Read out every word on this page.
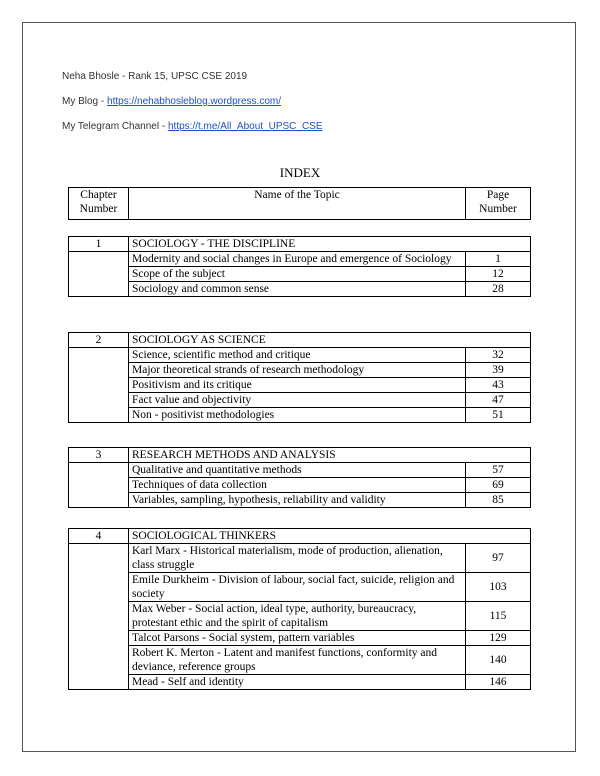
Neha Bhosle - Rank 15, UPSC CSE 2019
My Blog - https://nehabhosleblog.wordpress.com/
My Telegram Channel - https://t.me/All_About_UPSC_CSE
INDEX
Chapter Number	Name of the Topic	Page Number
1	SOCIOLOGY - THE DISCIPLINE	
	Modernity and social changes in Europe and emergence of Sociology	1
	Scope of the subject	12
	Sociology and common sense	28
2	SOCIOLOGY AS SCIENCE	
	Science, scientific method and critique	32
	Major theoretical strands of research methodology	39
	Positivism and its critique	43
	Fact value and objectivity	47
	Non - positivist methodologies	51
3	RESEARCH METHODS AND ANALYSIS	
	Qualitative and quantitative methods	57
	Techniques of data collection	69
	Variables, sampling, hypothesis, reliability and validity	85
4	SOCIOLOGICAL THINKERS	
	Karl Marx - Historical materialism, mode of production, alienation, class struggle	97
	Emile Durkheim - Division of labour, social fact, suicide, religion and society	103
	Max Weber - Social action, ideal type, authority, bureaucracy, protestant ethic and the spirit of capitalism	115
	Talcot Parsons - Social system, pattern variables	129
	Robert K. Merton - Latent and manifest functions, conformity and deviance, reference groups	140
	Mead - Self and identity	146
